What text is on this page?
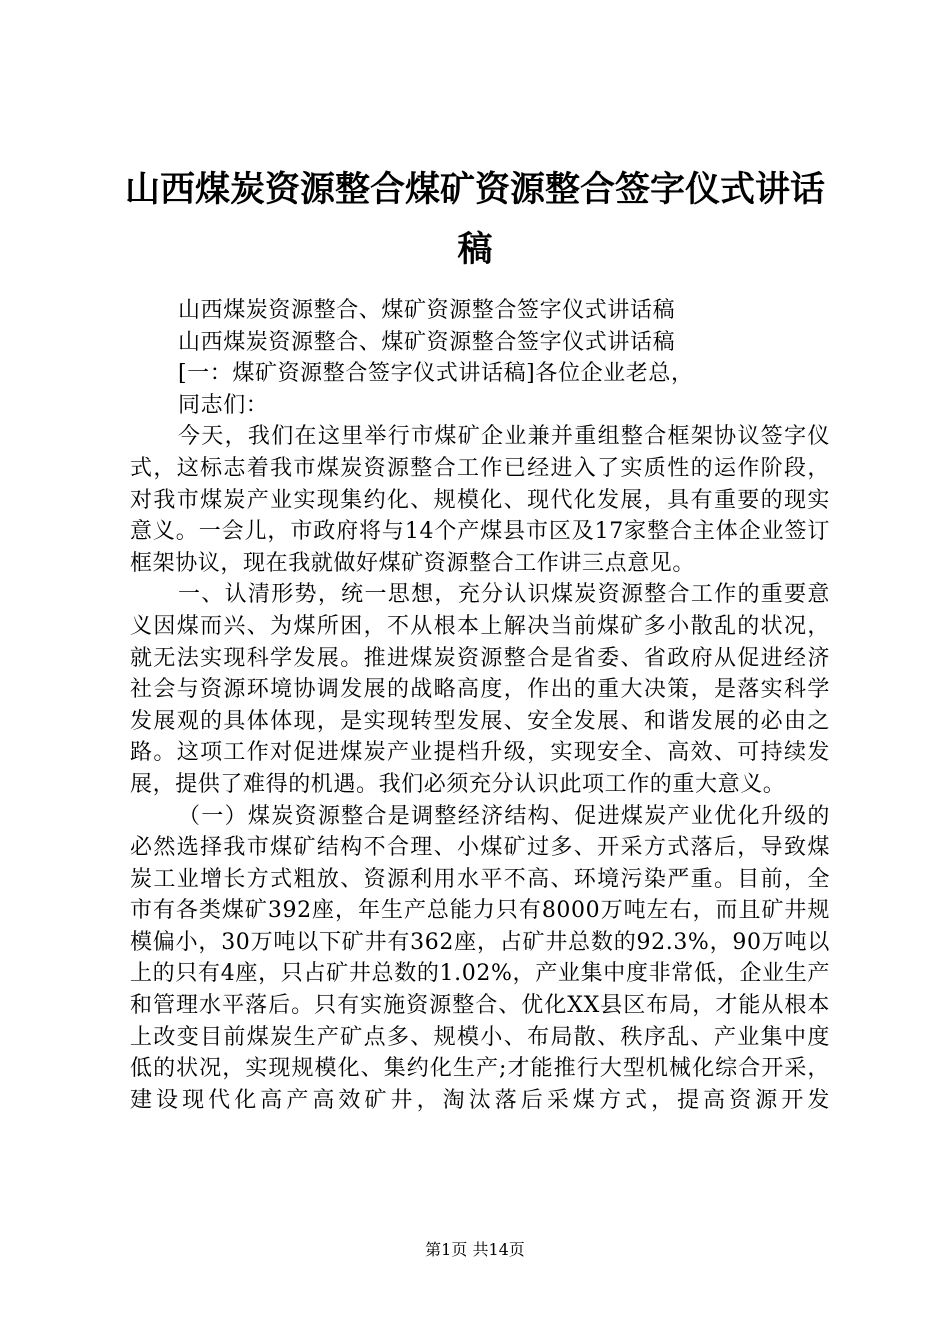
山西煤炭资源整合煤矿资源整合签字仪式讲话稿

山西煤炭资源整合、煤矿资源整合签字仪式讲话稿

山西煤炭资源整合、煤矿资源整合签字仪式讲话稿

[一：煤矿资源整合签字仪式讲话稿]各位企业老总，

同志们：

今天，我们在这里举行市煤矿企业兼并重组整合框架协议签字仪式，这标志着我市煤炭资源整合工作已经进入了实质性的运作阶段，对我市煤炭产业实现集约化、规模化、现代化发展，具有重要的现实意义。一会儿，市政府将与14个产煤县市区及17家整合主体企业签订框架协议，现在我就做好煤矿资源整合工作讲三点意见。

一、认清形势，统一思想，充分认识煤炭资源整合工作的重要意义因煤而兴、为煤所困，不从根本上解决当前煤矿多小散乱的状况，就无法实现科学发展。推进煤炭资源整合是省委、省政府从促进经济社会与资源环境协调发展的战略高度，作出的重大决策，是落实科学发展观的具体体现，是实现转型发展、安全发展、和谐发展的必由之路。这项工作对促进煤炭产业提档升级，实现安全、高效、可持续发展，提供了难得的机遇。我们必须充分认识此项工作的重大意义。

（一）煤炭资源整合是调整经济结构、促进煤炭产业优化升级的必然选择我市煤矿结构不合理、小煤矿过多、开采方式落后，导致煤炭工业增长方式粗放、资源利用水平不高、环境污染严重。目前，全市有各类煤矿392座，年生产总能力只有8000万吨左右，而且矿井规模偏小，30万吨以下矿井有362座，占矿井总数的92.3%，90万吨以上的只有4座，只占矿井总数的1.02%，产业集中度非常低，企业生产和管理水平落后。只有实施资源整合、优化XX县区布局，才能从根本上改变目前煤炭生产矿点多、规模小、布局散、秩序乱、产业集中度低的状况，实现规模化、集约化生产;才能推行大型机械化综合开采，建设现代化高产高效矿井，淘汰落后采煤方式，提高资源开发

第1页 共14页
